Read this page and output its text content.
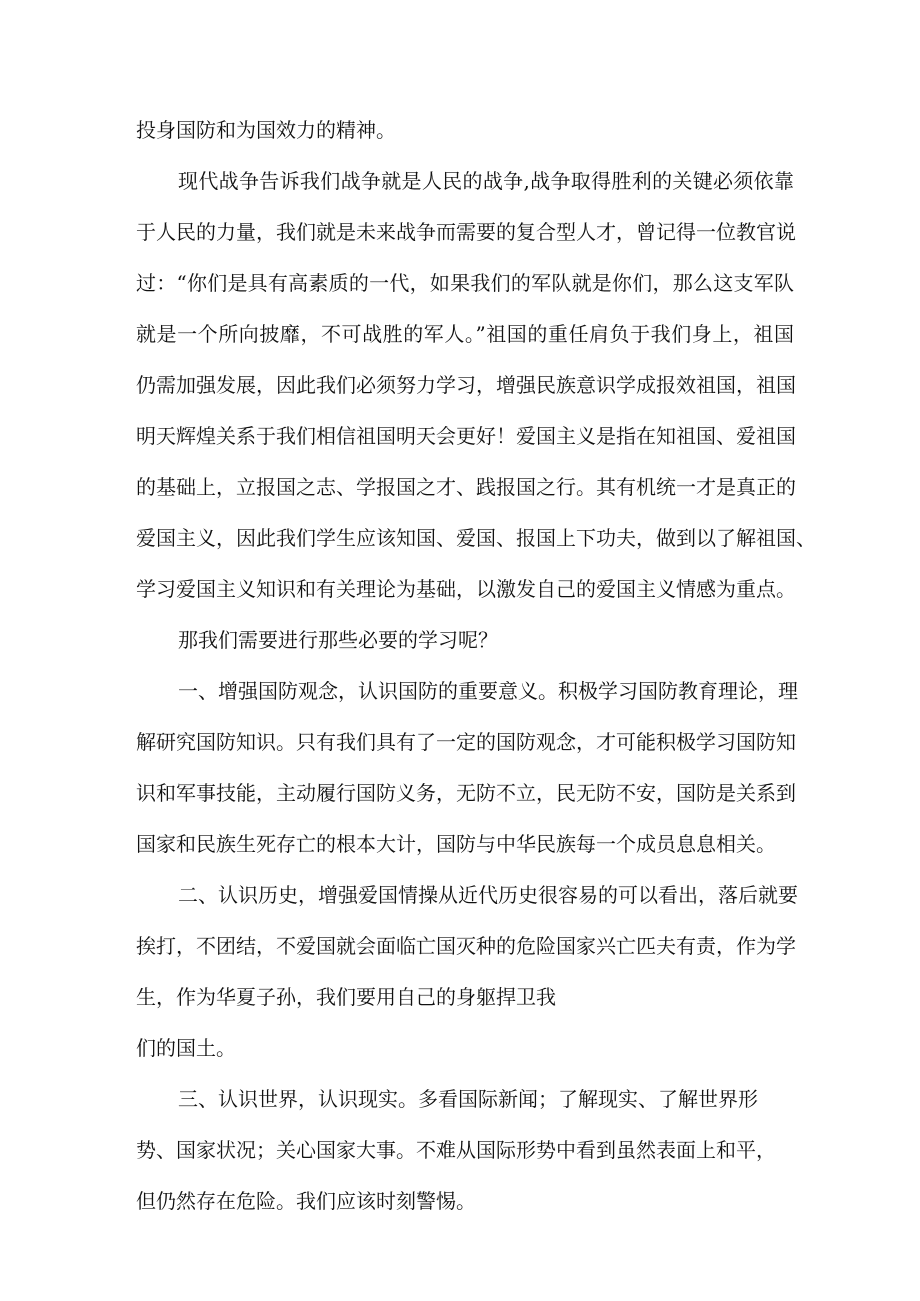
投身国防和为国效力的精神。

现代战争告诉我们战争就是人民的战争,战争取得胜利的关键必须依靠

于人民的力量，我们就是未来战争而需要的复合型人才，曾记得一位教官说

过：“你们是具有高素质的一代，如果我们的军队就是你们，那么这支军队

就是一个所向披靡，不可战胜的军人。”祖国的重任肩负于我们身上，祖国

仍需加强发展，因此我们必须努力学习，增强民族意识学成报效祖国，祖国

明天辉煌关系于我们相信祖国明天会更好！爱国主义是指在知祖国、爱祖国

的基础上，立报国之志、学报国之才、践报国之行。其有机统一才是真正的

爱国主义，因此我们学生应该知国、爱国、报国上下功夫，做到以了解祖国、

学习爱国主义知识和有关理论为基础，以激发自己的爱国主义情感为重点。

那我们需要进行那些必要的学习呢？

一、增强国防观念，认识国防的重要意义。积极学习国防教育理论，理

解研究国防知识。只有我们具有了一定的国防观念，才可能积极学习国防知

识和军事技能，主动履行国防义务，无防不立，民无防不安，国防是关系到

国家和民族生死存亡的根本大计，国防与中华民族每一个成员息息相关。

二、认识历史，增强爱国情操从近代历史很容易的可以看出，落后就要

挨打，不团结，不爱国就会面临亡国灭种的危险国家兴亡匹夫有责，作为学

生，作为华夏子孙，我们要用自己的身躯捍卫我

们的国土。

三、认识世界，认识现实。多看国际新闻；了解现实、了解世界形

势、国家状况；关心国家大事。不难从国际形势中看到虽然表面上和平，

但仍然存在危险。我们应该时刻警惕。
